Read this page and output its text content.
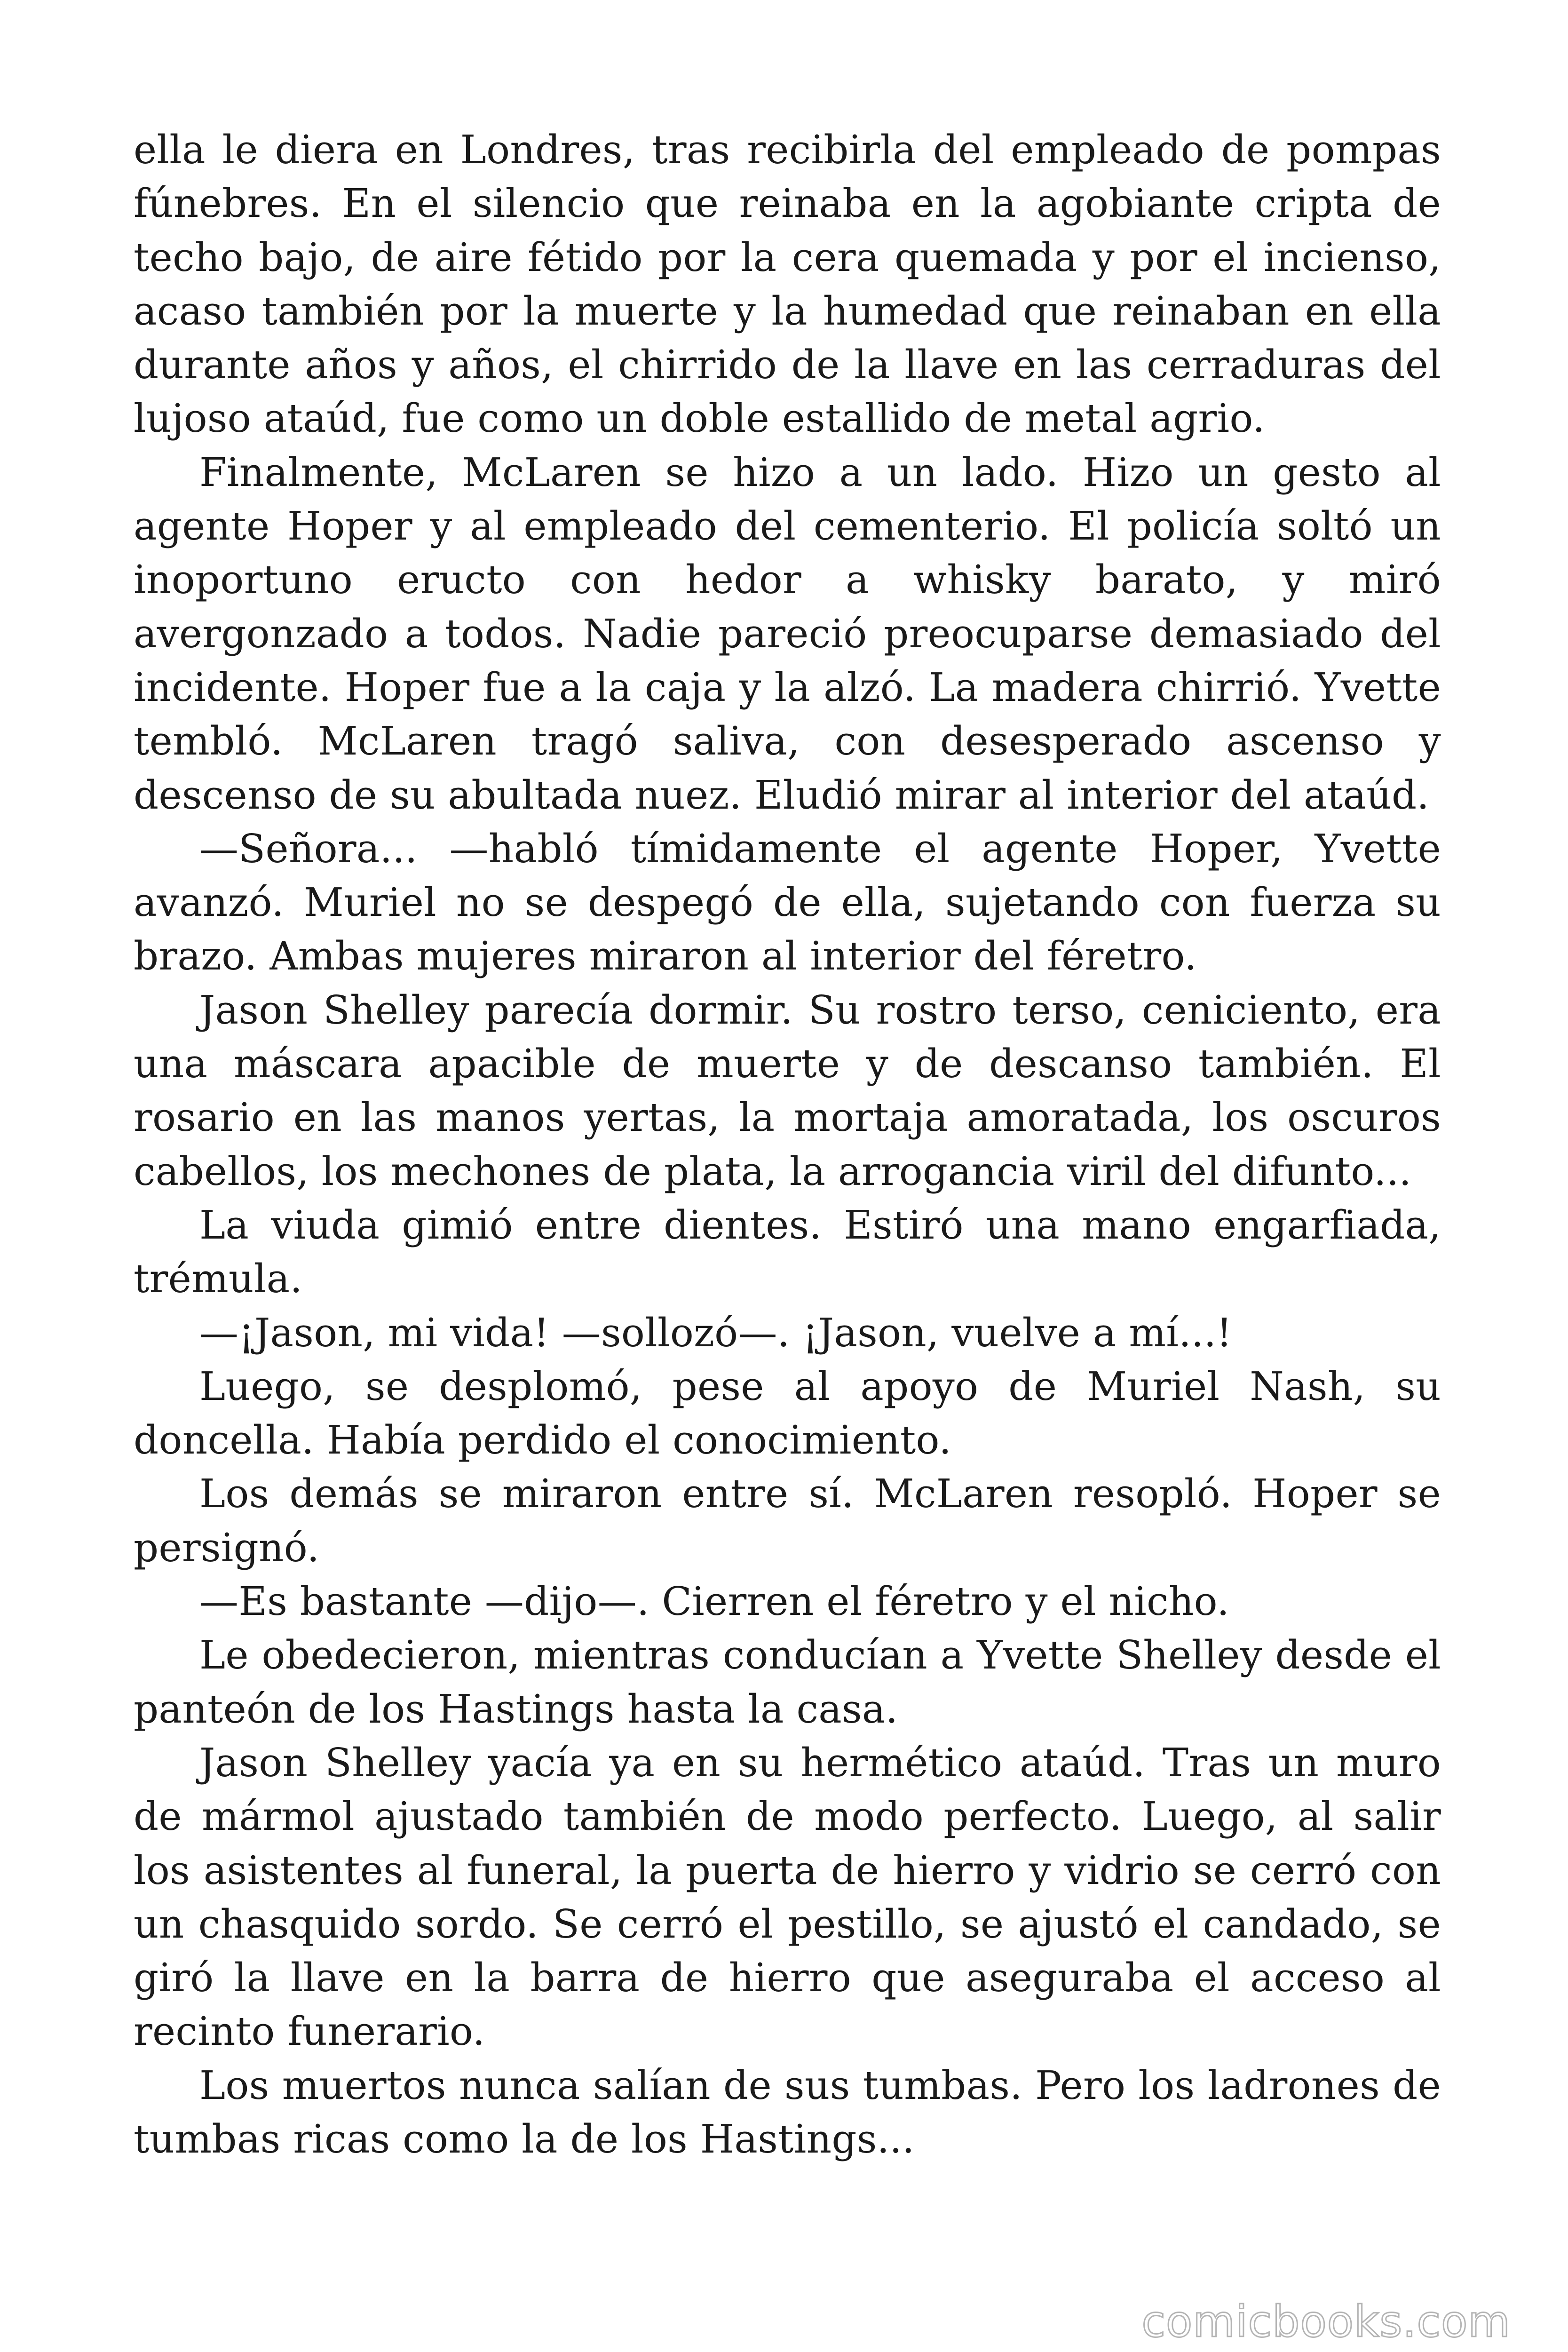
ella le diera en Londres, tras recibirla del empleado de pompas fúnebres. En el silencio que reinaba en la agobiante cripta de techo bajo, de aire fétido por la cera quemada y por el incienso, acaso también por la muerte y la humedad que reinaban en ella durante años y años, el chirrido de la llave en las cerraduras del lujoso ataúd, fue como un doble estallido de metal agrio.

Finalmente, McLaren se hizo a un lado. Hizo un gesto al agente Hoper y al empleado del cementerio. El policía soltó un inoportuno eructo con hedor a whisky barato, y miró avergonzado a todos. Nadie pareció preocuparse demasiado del incidente. Hoper fue a la caja y la alzó. La madera chirrió. Yvette tembló. McLaren tragó saliva, con desesperado ascenso y descenso de su abultada nuez. Eludió mirar al interior del ataúd.

—Señora... —habló tímidamente el agente Hoper, Yvette avanzó. Muriel no se despegó de ella, sujetando con fuerza su brazo. Ambas mujeres miraron al interior del féretro.

Jason Shelley parecía dormir. Su rostro terso, ceniciento, era una máscara apacible de muerte y de descanso también. El rosario en las manos yertas, la mortaja amoratada, los oscuros cabellos, los mechones de plata, la arrogancia viril del difunto...

La viuda gimió entre dientes. Estiró una mano engarfiada, trémula.

—¡Jason, mi vida! —sollozó—. ¡Jason, vuelve a mí...!

Luego, se desplomó, pese al apoyo de Muriel Nash, su doncella. Había perdido el conocimiento.

Los demás se miraron entre sí. McLaren resopló. Hoper se persignó.

—Es bastante —dijo—. Cierren el féretro y el nicho.

Le obedecieron, mientras conducían a Yvette Shelley desde el panteón de los Hastings hasta la casa.

Jason Shelley yacía ya en su hermético ataúd. Tras un muro de mármol ajustado también de modo perfecto. Luego, al salir los asistentes al funeral, la puerta de hierro y vidrio se cerró con un chasquido sordo. Se cerró el pestillo, se ajustó el candado, se giró la llave en la barra de hierro que aseguraba el acceso al recinto funerario.

Los muertos nunca salían de sus tumbas. Pero los ladrones de tumbas ricas como la de los Hastings...

comicbooks.com
